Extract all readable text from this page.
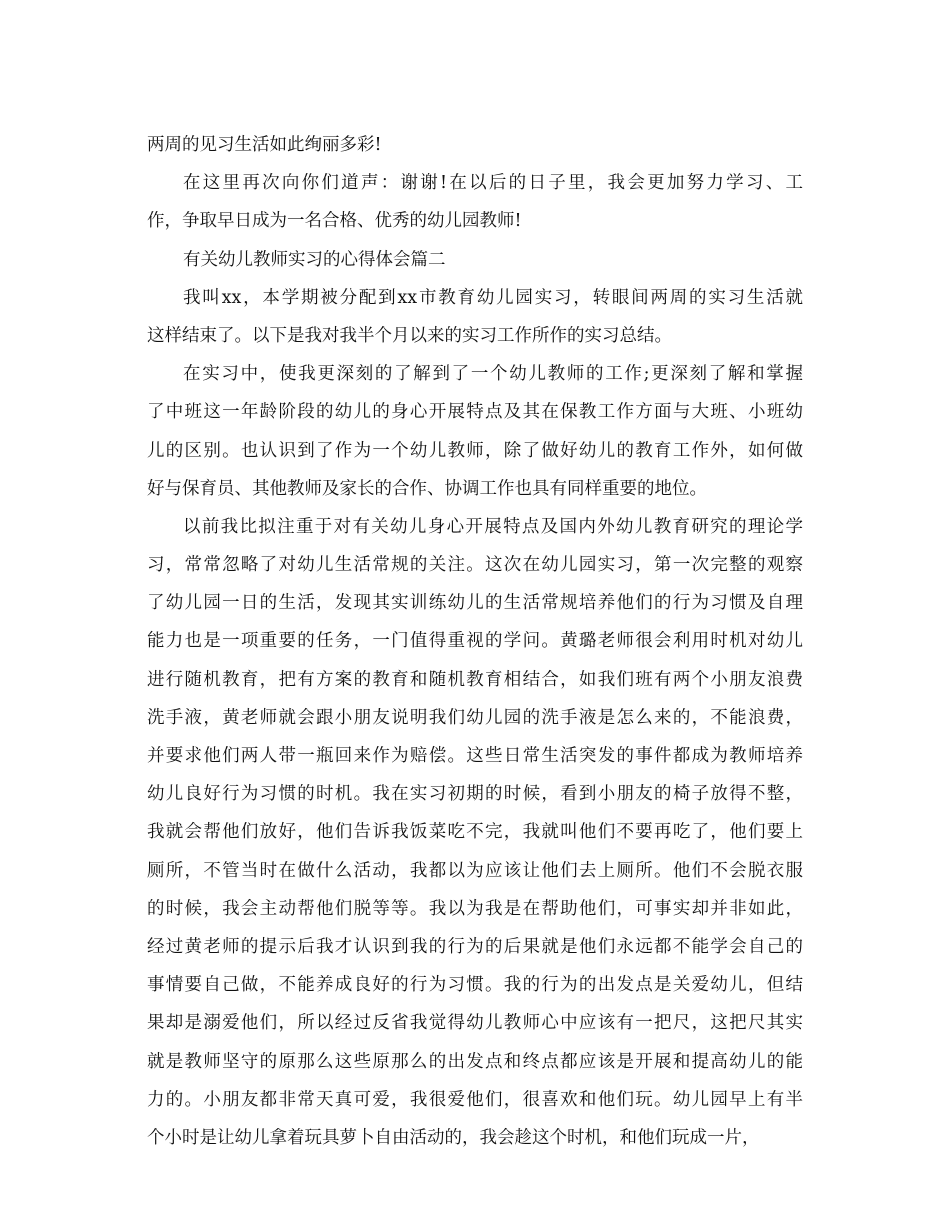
两周的见习生活如此绚丽多彩!
在这里再次向你们道声：谢谢!在以后的日子里，我会更加努力学习、工
作，争取早日成为一名合格、优秀的幼儿园教师!
有关幼儿教师实习的心得体会篇二
我叫xx，本学期被分配到xx市教育幼儿园实习，转眼间两周的实习生活就
这样结束了。以下是我对我半个月以来的实习工作所作的实习总结。
在实习中，使我更深刻的了解到了一个幼儿教师的工作;更深刻了解和掌握
了中班这一年龄阶段的幼儿的身心开展特点及其在保教工作方面与大班、小班幼
儿的区别。也认识到了作为一个幼儿教师，除了做好幼儿的教育工作外，如何做
好与保育员、其他教师及家长的合作、协调工作也具有同样重要的地位。
以前我比拟注重于对有关幼儿身心开展特点及国内外幼儿教育研究的理论学
习，常常忽略了对幼儿生活常规的关注。这次在幼儿园实习，第一次完整的观察
了幼儿园一日的生活，发现其实训练幼儿的生活常规培养他们的行为习惯及自理
能力也是一项重要的任务，一门值得重视的学问。黄璐老师很会利用时机对幼儿
进行随机教育，把有方案的教育和随机教育相结合，如我们班有两个小朋友浪费
洗手液，黄老师就会跟小朋友说明我们幼儿园的洗手液是怎么来的，不能浪费，
并要求他们两人带一瓶回来作为赔偿。这些日常生活突发的事件都成为教师培养
幼儿良好行为习惯的时机。我在实习初期的时候，看到小朋友的椅子放得不整，
我就会帮他们放好，他们告诉我饭菜吃不完，我就叫他们不要再吃了，他们要上
厕所，不管当时在做什么活动，我都以为应该让他们去上厕所。他们不会脱衣服
的时候，我会主动帮他们脱等等。我以为我是在帮助他们，可事实却并非如此，
经过黄老师的提示后我才认识到我的行为的后果就是他们永远都不能学会自己的
事情要自己做，不能养成良好的行为习惯。我的行为的出发点是关爱幼儿，但结
果却是溺爱他们，所以经过反省我觉得幼儿教师心中应该有一把尺，这把尺其实
就是教师坚守的原那么这些原那么的出发点和终点都应该是开展和提高幼儿的能
力的。小朋友都非常天真可爱，我很爱他们，很喜欢和他们玩。幼儿园早上有半
个小时是让幼儿拿着玩具萝卜自由活动的，我会趁这个时机，和他们玩成一片，
